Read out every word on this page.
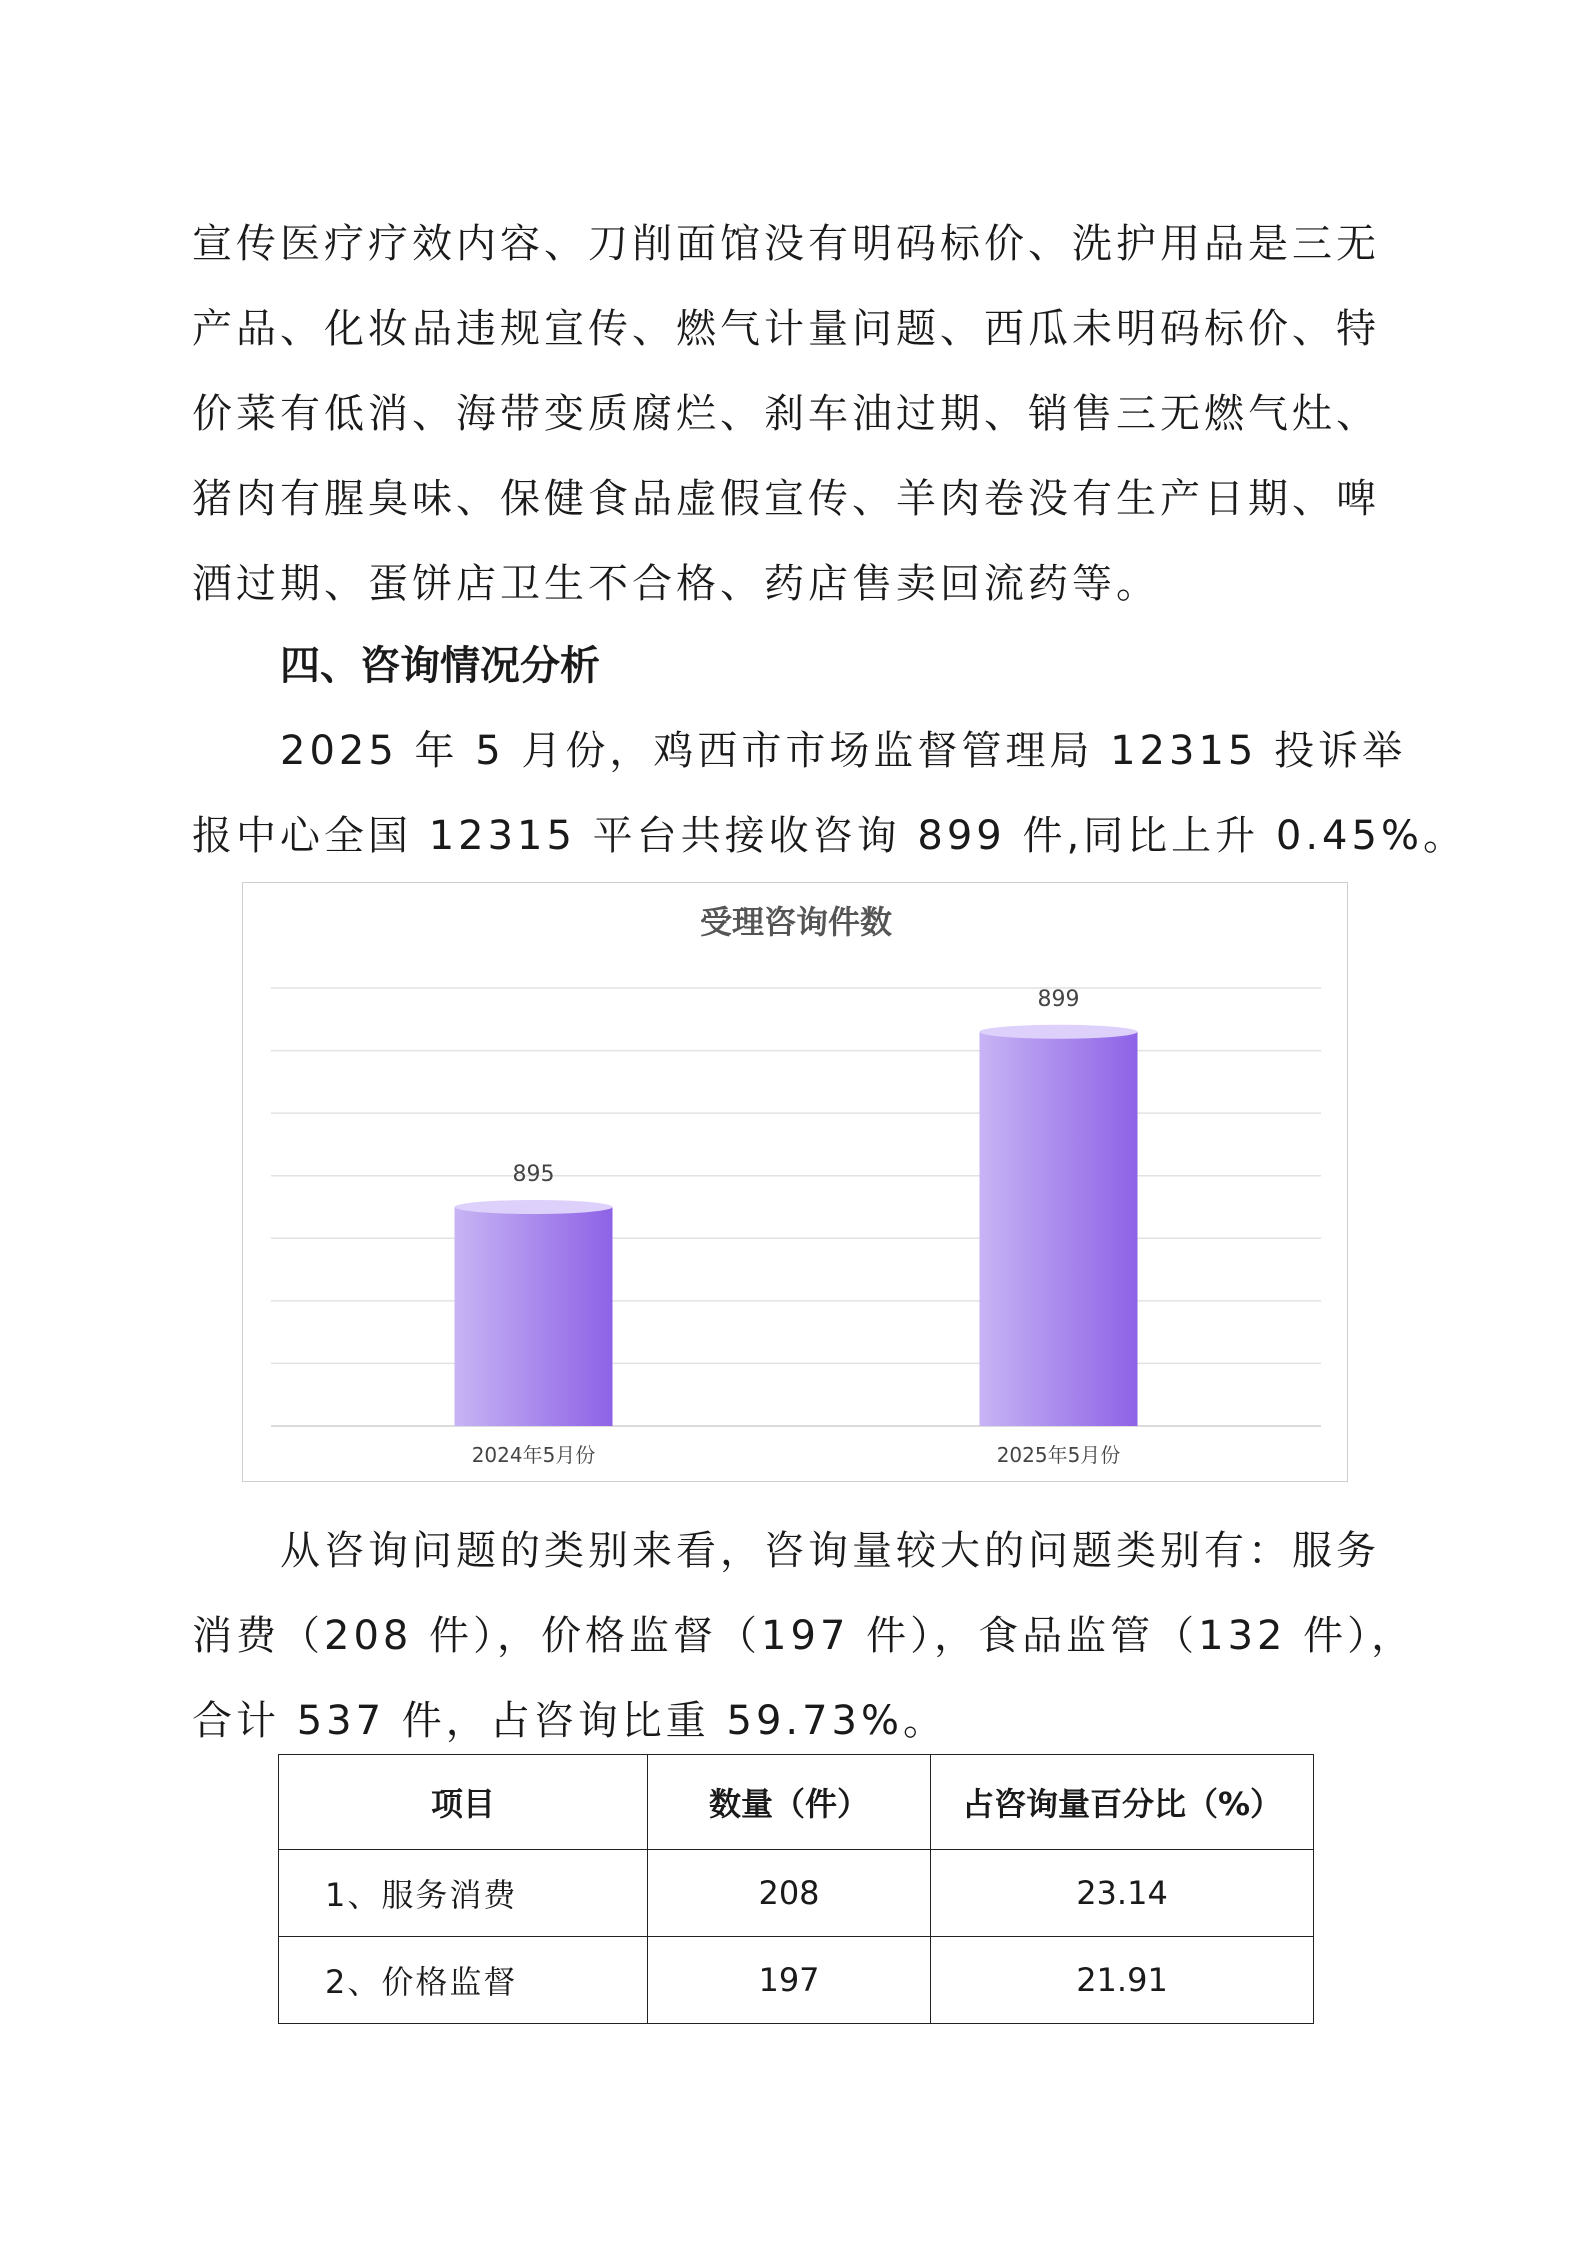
宣传医疗疗效内容、刀削面馆没有明码标价、洗护用品是三无

产品、化妆品违规宣传、燃气计量问题、西瓜未明码标价、特

价菜有低消、海带变质腐烂、刹车油过期、销售三无燃气灶、

猪肉有腥臭味、保健食品虚假宣传、羊肉卷没有生产日期、啤

酒过期、蛋饼店卫生不合格、药店售卖回流药等。

四、咨询情况分析

2025 年 5 月份，鸡西市市场监督管理局 12315 投诉举

报中心全国 12315 平台共接收咨询 899 件,同比上升 0.45%。

895
2024年5月份
899
2025年5月份
受理咨询件数

从咨询问题的类别来看，咨询量较大的问题类别有：服务

消费（208 件），价格监督（197 件），食品监管（132 件），

合计 537 件，占咨询比重 59.73%。

项目	数量（件）	占咨询量百分比（%）
1、服务消费	208	23.14
2、价格监督	197	21.91
